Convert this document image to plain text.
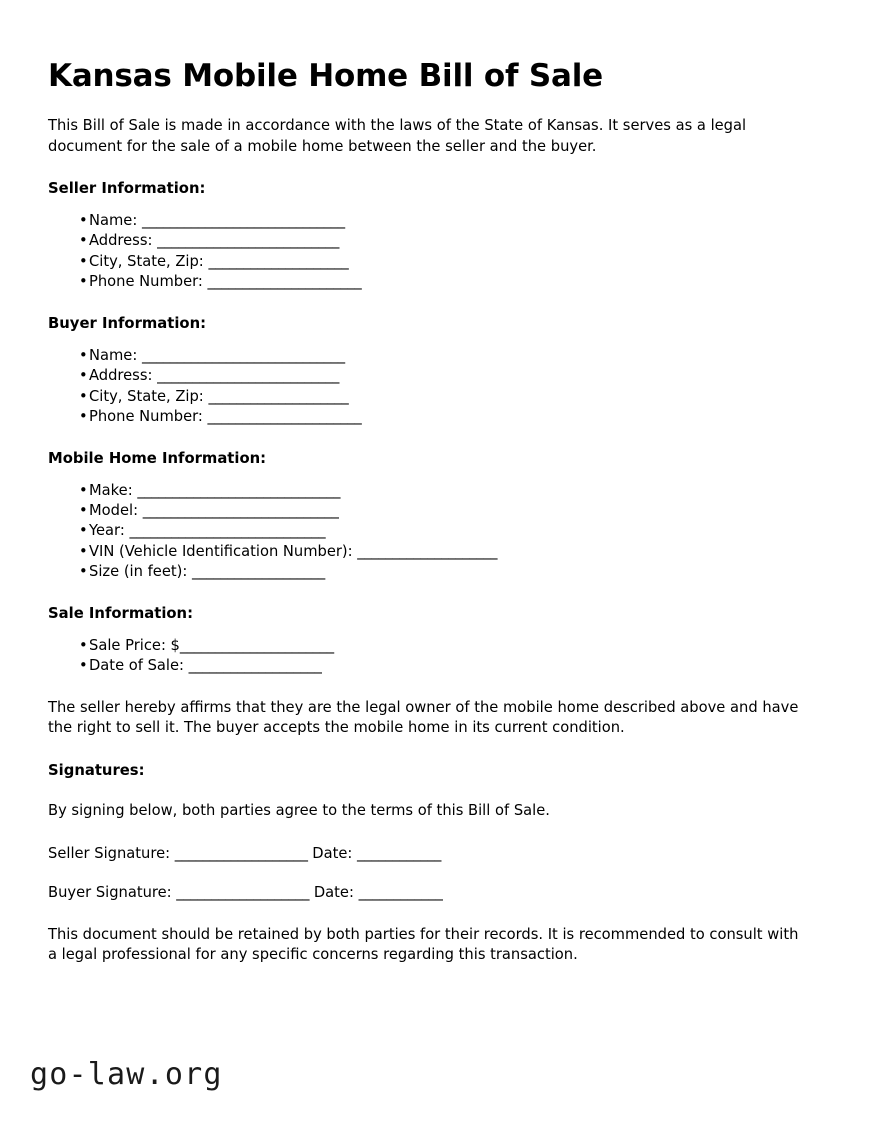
Kansas Mobile Home Bill of Sale

This Bill of Sale is made in accordance with the laws of the State of Kansas. It serves as a legal document for the sale of a mobile home between the seller and the buyer.

Seller Information:
• Name: _____________________________
• Address: __________________________
• City, State, Zip: ____________________
• Phone Number: ______________________
Buyer Information:
• Name: _____________________________
• Address: __________________________
• City, State, Zip: ____________________
• Phone Number: ______________________
Mobile Home Information:
• Make: _____________________________
• Model: ____________________________
• Year: ____________________________
• VIN (Vehicle Identification Number): ____________________
• Size (in feet): ___________________
Sale Information:
• Sale Price: $______________________
• Date of Sale: ___________________

The seller hereby affirms that they are the legal owner of the mobile home described above and have the right to sell it. The buyer accepts the mobile home in its current condition.

Signatures:

By signing below, both parties agree to the terms of this Bill of Sale.

Seller Signature: ___________________ Date: ____________

Buyer Signature: ___________________ Date: ____________

This document should be retained by both parties for their records. It is recommended to consult with a legal professional for any specific concerns regarding this transaction.

go-law.org
